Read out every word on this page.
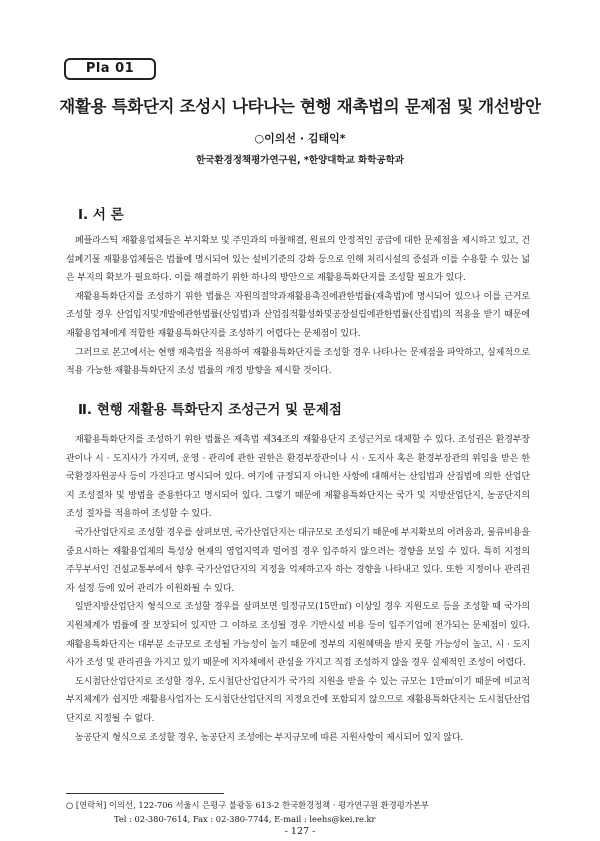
Pla 01
재활용 특화단지 조성시 나타나는 현행 재촉법의 문제점 및 개선방안
○이의선 · 김태익*
한국환경정책평가연구원, *한양대학교 화학공학과
Ⅰ. 서 론

폐플라스틱 재활용업체들은 부지확보 및 주민과의 마찰해결, 원료의 안정적인 공급에 대한 문제점을 제시하고 있고, 건설폐기물 재활용업체들은 법률에 명시되어 있는 설비기준의 강화 등으로 인해 처리시설의 증설과 이를 수용할 수 있는 넓은 부지의 확보가 필요하다. 이를 해결하기 위한 하나의 방안으로 재활용특화단지를 조성할 필요가 있다.

재활용특화단지를 조성하기 위한 법률은 자원의절약과재활용촉진에관한법률(재촉법)에 명시되어 있으나 이를 근거로 조성할 경우 산업입지및개발에관한법률(산입법)과 산업집적활성화및공장설립에관한법률(산집법)의 적용을 받기 때문에 재활용업체에게 적합한 재활용특화단지를 조성하기 어렵다는 문제점이 있다.

그러므로 본고에서는 현행 재촉법을 적용하여 재활용특화단지를 조성할 경우 나타나는 문제점을 파악하고, 실제적으로 적용 가능한 재활용특화단지 조성 법률의 개정 방향을 제시할 것이다.

Ⅱ. 현행 재활용 특화단지 조성근거 및 문제점

재활용특화단지를 조성하기 위한 법률은 재촉법 제34조의 재활용단지 조성근거로 대체할 수 있다. 조성권은 환경부장관이나 시 · 도지사가 가지며, 운영 · 관리에 관한 권한은 환경부장관이나 시 · 도지사 혹은 환경부장관의 위임을 받은 한국환경자원공사 등이 가진다고 명시되어 있다. 여기에 규정되지 아니한 사항에 대해서는 산입법과 산집법에 의한 산업단지 조성절차 및 방법을 준용한다고 명시되어 있다. 그렇기 때문에 재활용특화단지는 국가 및 지방산업단지, 농공단지의 조성 절차를 적용하여 조성할 수 있다.

국가산업단지로 조성할 경우를 살펴보면, 국가산업단지는 대규모로 조성되기 때문에 부지확보의 어려움과, 물류비용을 중요시하는 재활용업체의 특성상 현재의 영업지역과 멀어질 경우 입주하지 않으려는 경향을 보일 수 있다. 특히 지정의 주무부서인 건설교통부에서 향후 국가산업단지의 지정을 억제하고자 하는 경향을 나타내고 있다. 또한 지정이나 관리권자 설정 등에 있어 관리가 이원화될 수 있다.

일반지방산업단지 형식으로 조성할 경우를 살펴보면 일정규모(15만㎡) 이상일 경우 지원도로 등을 조성할 때 국가의 지원체계가 법률에 잘 보장되어 있지만 그 이하로 조성될 경우 기반시설 비용 등이 입주기업에 전가되는 문제점이 있다. 재활용특화단지는 대부분 소규모로 조성될 가능성이 높기 때문에 정부의 지원혜택을 받지 못할 가능성이 높고, 시 · 도지사가 조성 및 관리권을 가지고 있기 때문에 지자체에서 관심을 가지고 직접 조성하지 않을 경우 실제적인 조성이 어렵다.

도시첨단산업단지로 조성할 경우, 도시첨단산업단지가 국가의 지원을 받을 수 있는 규모는 1만㎡이기 때문에 비교적 부지체계가 쉽지만 재활용사업자는 도시첨단산업단지의 지정요건에 포함되지 않으므로 재활용특화단지는 도시첨단산업단지로 지정될 수 없다.

농공단지 형식으로 조성할 경우, 농공단지 조성에는 부지규모에 따른 지원사항이 제시되어 있지 않다.

○ [연락처] 이의선, 122-706 서울시 은평구 불광동 613-2 한국환경정책 · 평가연구원 환경평가본부
Tel : 02-380-7614, Fax : 02-380-7744, E-mail : leehs@kei.re.kr
- 127 -
